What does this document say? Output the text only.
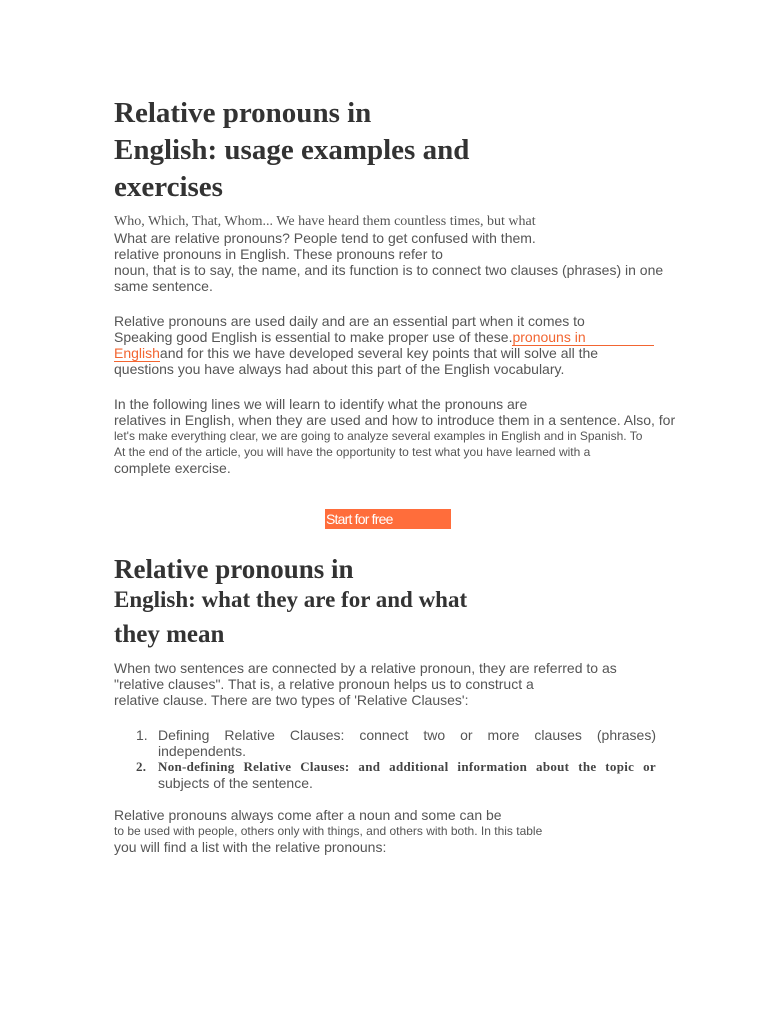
Relative pronouns in
English: usage examples and
exercises
Who, Which, That, Whom... We have heard them countless times, but what
What are relative pronouns? People tend to get confused with them.
relative pronouns in English. These pronouns refer to
noun, that is to say, the name, and its function is to connect two clauses (phrases) in one
same sentence.
Relative pronouns are used daily and are an essential part when it comes to
Speaking good English is essential to make proper use of these.pronouns in
Englishand for this we have developed several key points that will solve all the
questions you have always had about this part of the English vocabulary.
In the following lines we will learn to identify what the pronouns are
relatives in English, when they are used and how to introduce them in a sentence. Also, for
let's make everything clear, we are going to analyze several examples in English and in Spanish. To
At the end of the article, you will have the opportunity to test what you have learned with a
complete exercise.
Start for free
Relative pronouns in
English: what they are for and what
they mean
When two sentences are connected by a relative pronoun, they are referred to as
"relative clauses". That is, a relative pronoun helps us to construct a
relative clause. There are two types of 'Relative Clauses':
1. Defining Relative Clauses: connect two or more clauses (phrases) independents.

2. Non-defining Relative Clauses: and additional information about the topic or

subjects of the sentence.

Relative pronouns always come after a noun and some can be
to be used with people, others only with things, and others with both. In this table
you will find a list with the relative pronouns:
